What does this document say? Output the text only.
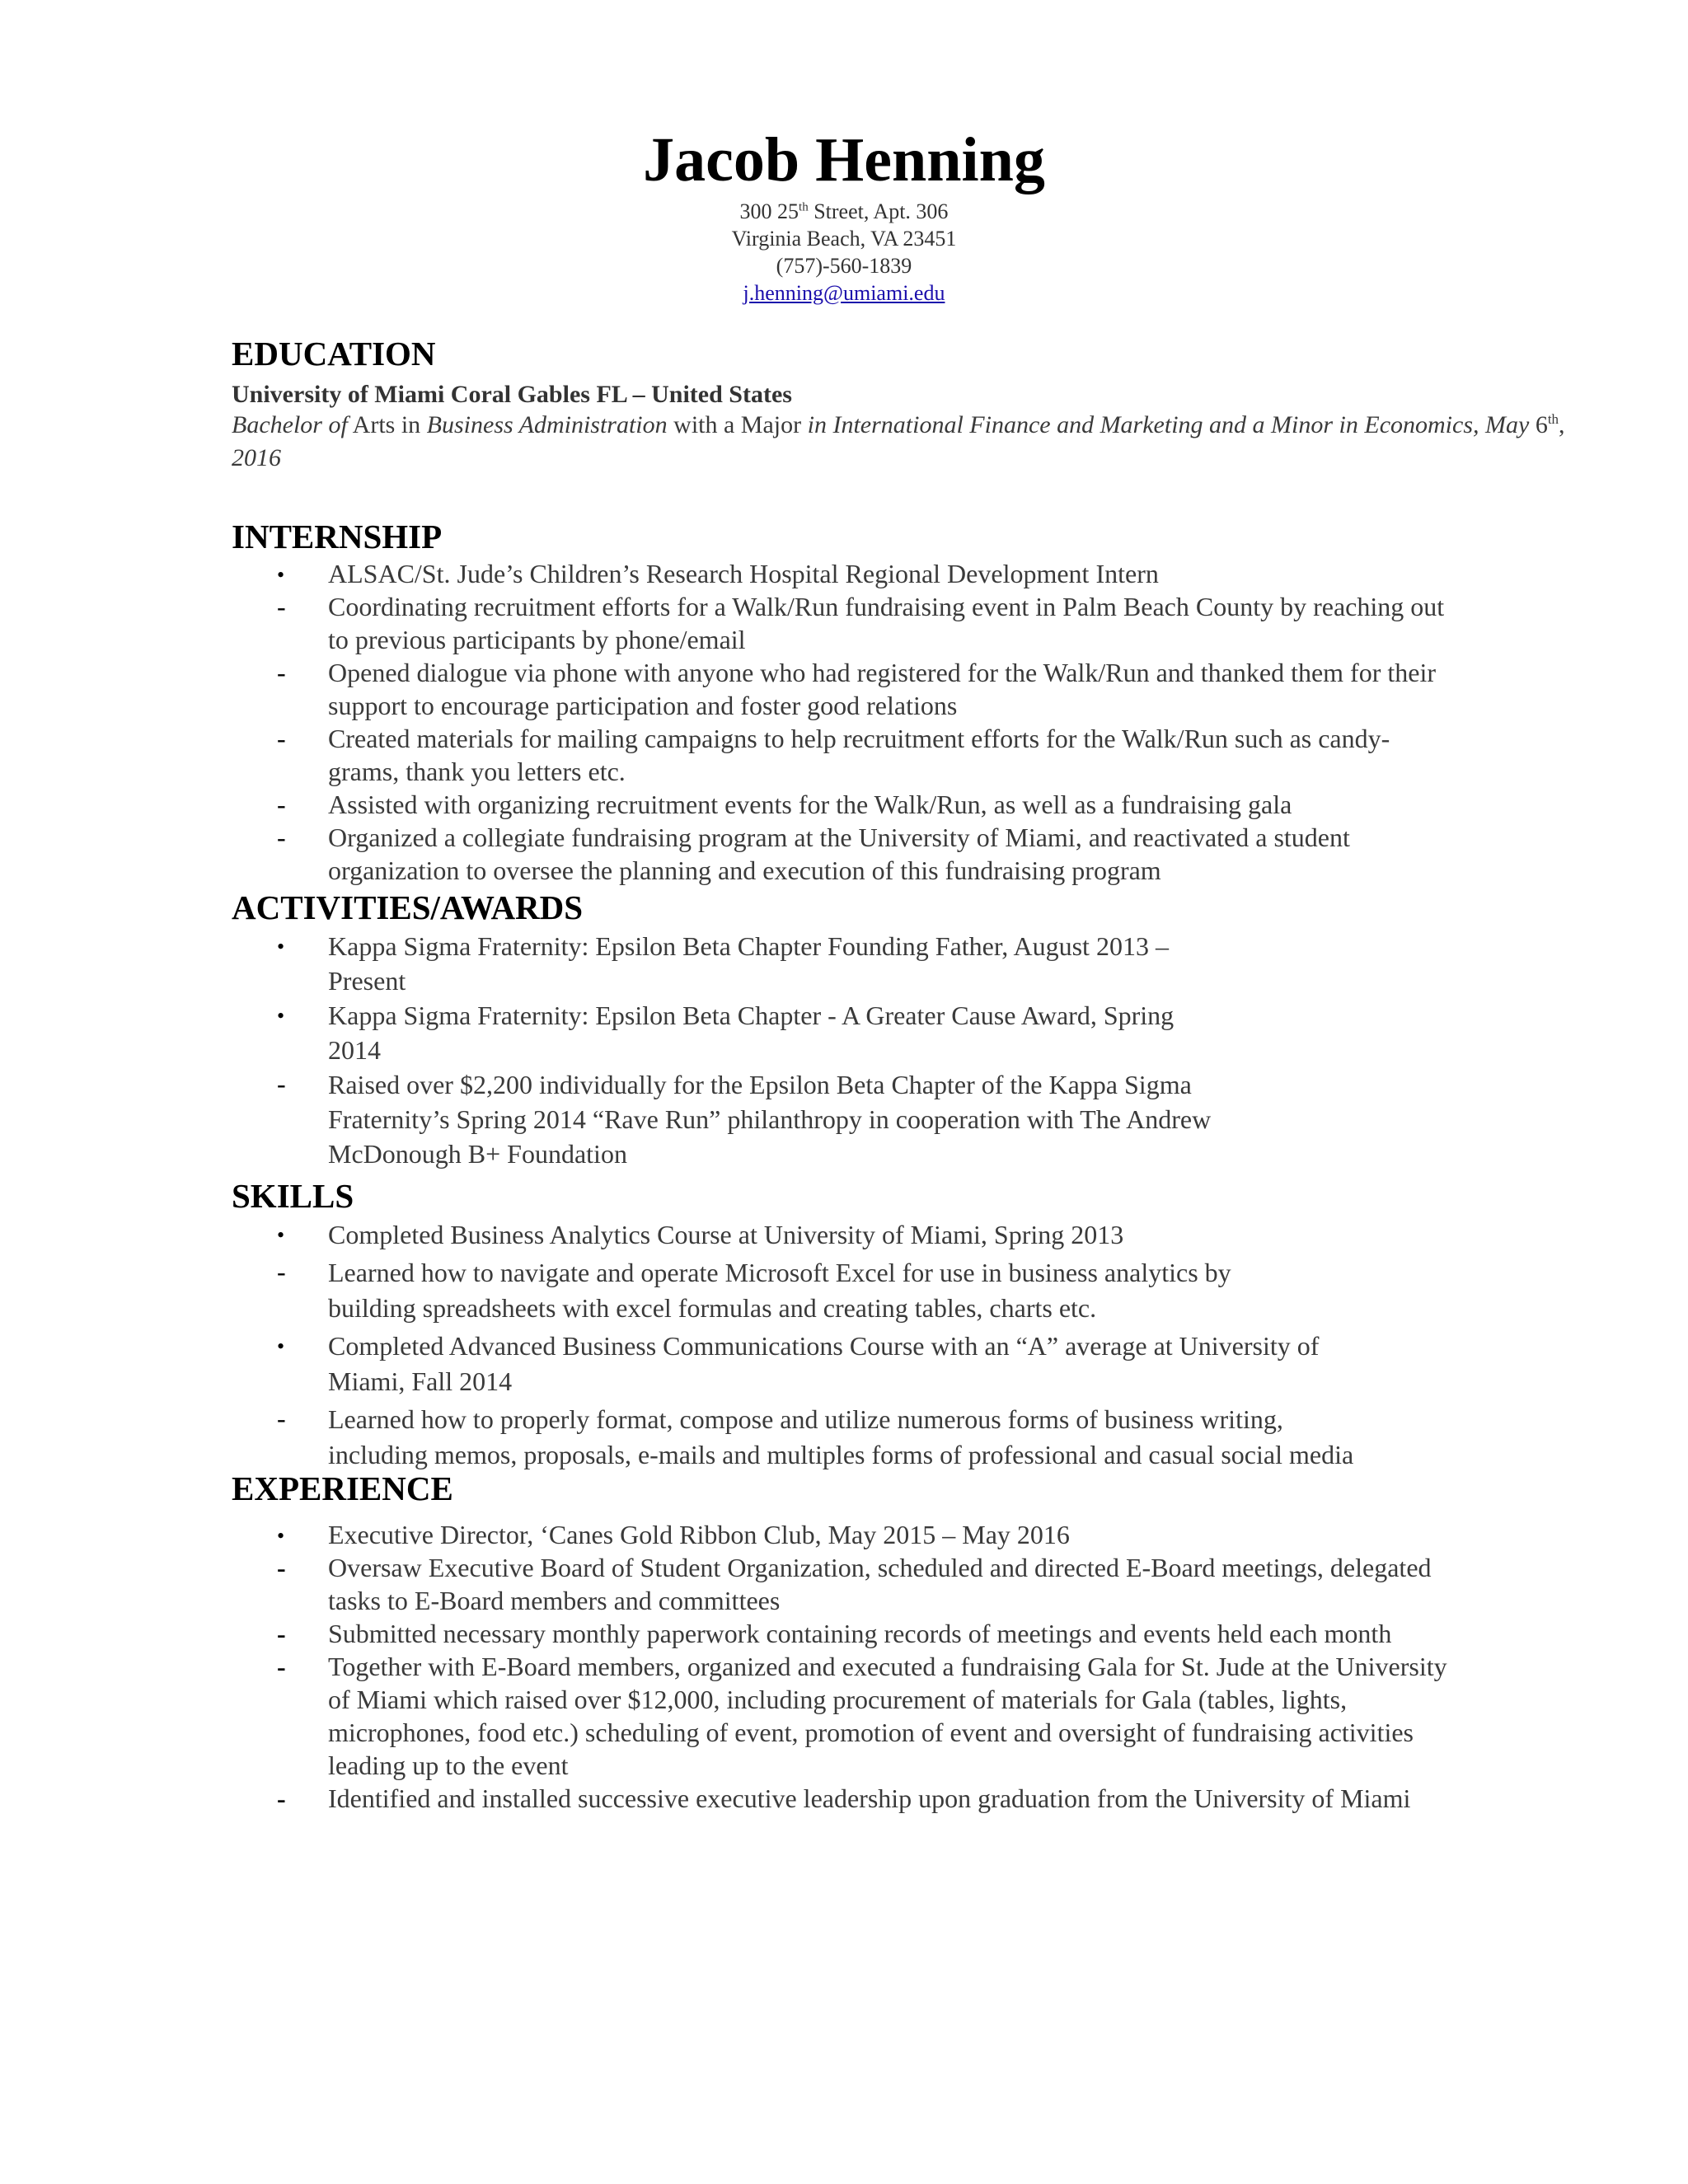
Jacob Henning
300 25th Street, Apt. 306
Virginia Beach, VA 23451
(757)-560-1839
j.henning@umiami.edu
EDUCATION
University of Miami Coral Gables FL – United States
Bachelor of Arts in Business Administration with a Major in International Finance and Marketing and a Minor in Economics, May 6th, 2016
INTERNSHIP
• ALSAC/St. Jude’s Children’s Research Hospital Regional Development Intern
- Coordinating recruitment efforts for a Walk/Run fundraising event in Palm Beach County by reaching out
to previous participants by phone/email
- Opened dialogue via phone with anyone who had registered for the Walk/Run and thanked them for their
support to encourage participation and foster good relations
- Created materials for mailing campaigns to help recruitment efforts for the Walk/Run such as candy-
grams, thank you letters etc.
- Assisted with organizing recruitment events for the Walk/Run, as well as a fundraising gala
- Organized a collegiate fundraising program at the University of Miami, and reactivated a student
organization to oversee the planning and execution of this fundraising program
ACTIVITIES/AWARDS
• Kappa Sigma Fraternity: Epsilon Beta Chapter Founding Father, August 2013 –
Present
• Kappa Sigma Fraternity: Epsilon Beta Chapter - A Greater Cause Award, Spring
2014
- Raised over $2,200 individually for the Epsilon Beta Chapter of the Kappa Sigma
Fraternity’s Spring 2014 “Rave Run” philanthropy in cooperation with The Andrew
McDonough B+ Foundation
SKILLS
• Completed Business Analytics Course at University of Miami, Spring 2013
- Learned how to navigate and operate Microsoft Excel for use in business analytics by
building spreadsheets with excel formulas and creating tables, charts etc.
• Completed Advanced Business Communications Course with an “A” average at University of
Miami, Fall 2014
- Learned how to properly format, compose and utilize numerous forms of business writing,
including memos, proposals, e-mails and multiples forms of professional and casual social media
EXPERIENCE
• Executive Director, ‘Canes Gold Ribbon Club, May 2015 – May 2016
- Oversaw Executive Board of Student Organization, scheduled and directed E-Board meetings, delegated
tasks to E-Board members and committees
- Submitted necessary monthly paperwork containing records of meetings and events held each month
- Together with E-Board members, organized and executed a fundraising Gala for St. Jude at the University
of Miami which raised over $12,000, including procurement of materials for Gala (tables, lights,
microphones, food etc.) scheduling of event, promotion of event and oversight of fundraising activities
leading up to the event
- Identified and installed successive executive leadership upon graduation from the University of Miami
